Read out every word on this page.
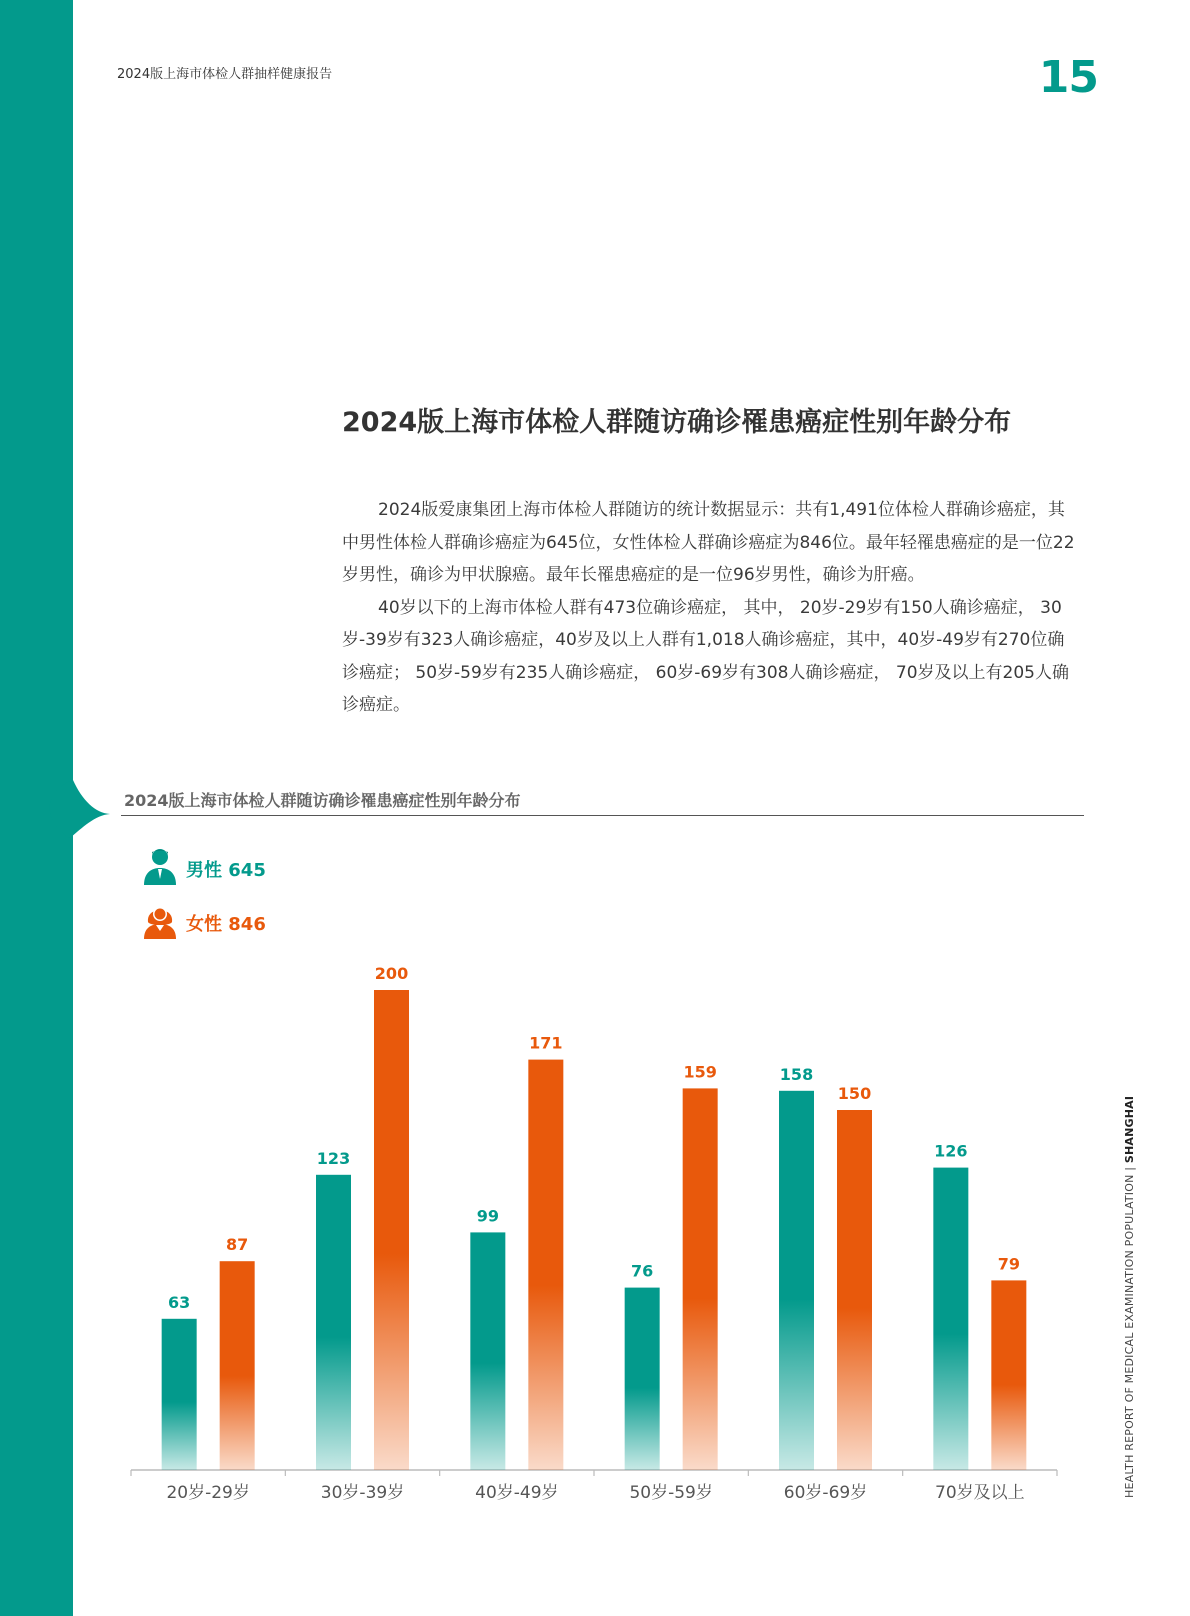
2024版上海市体检人群抽样健康报告	15
2024版上海市体检人群随访确诊罹患癌症性别年龄分布

2024版爱康集团上海市体检人群随访的统计数据显示：共有1,491位体检人群确诊癌症，其中男性体检人群确诊癌症为645位，女性体检人群确诊癌症为846位。最年轻罹患癌症的是一位22岁男性，确诊为甲状腺癌。最年长罹患癌症的是一位96岁男性，确诊为肝癌。

40岁以下的上海市体检人群有473位确诊癌症， 其中， 20岁-29岁有150人确诊癌症， 30岁-39岁有323人确诊癌症，40岁及以上人群有1,018人确诊癌症，其中，40岁-49岁有270位确诊癌症； 50岁-59岁有235人确诊癌症， 60岁-69岁有308人确诊癌症， 70岁及以上有205人确诊癌症。

2024版上海市体检人群随访确诊罹患癌症性别年龄分布
男性 645
女性 846
63
87
20岁-29岁
123
200
30岁-39岁
99
171
40岁-49岁
76
159
50岁-59岁
158
150
60岁-69岁
126
79
70岁及以上	HEALTH REPORT OF MEDICAL EXAMINATION POPULATION | SHANGHAI
